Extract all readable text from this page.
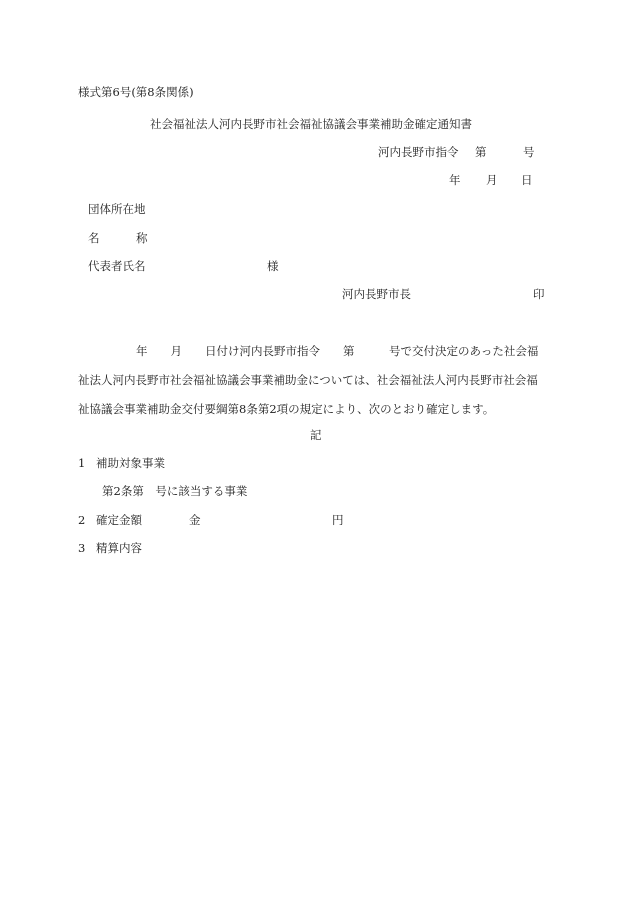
様式第6号(第8条関係)
社会福祉法人河内長野市社会福祉協議会事業補助金確定通知書
河内長野市指令 第	号
年 月 日
団体所在地
名	称
代表者氏名	様
河内長野市長	印
年　　月　　日付け河内長野市指令　　第　　　号で交付決定のあった社会福
祉法人河内長野市社会福祉協議会事業補助金については、社会福祉法人河内長野市社会福
祉協議会事業補助金交付要綱第8条第2項の規定により、次のとおり確定します。
記
1 補助対象事業
第2条第　号に該当する事業
2 確定金額	金	円
3 精算内容
